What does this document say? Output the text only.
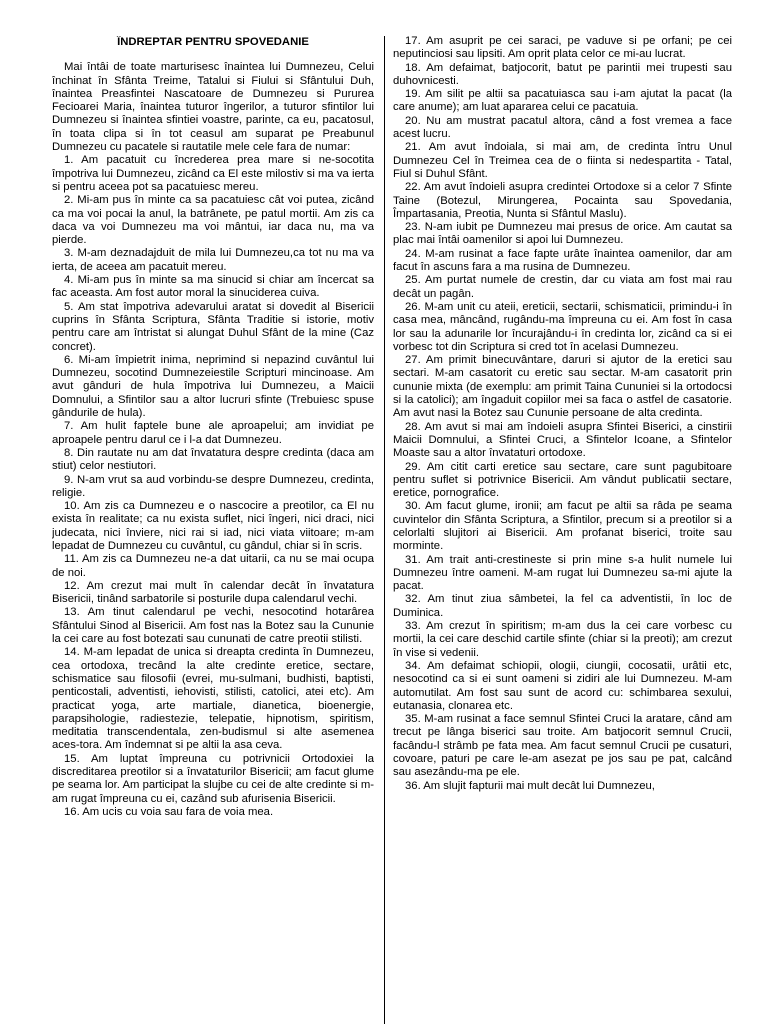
ÎNDREPTAR PENTRU SPOVEDANIE

Mai întâi de toate marturisesc înaintea lui Dumnezeu, Celui închinat în Sfânta Treime, Tatalui si Fiului si Sfântului Duh, înaintea Preasfintei Nascatoare de Dumnezeu si Pururea Fecioarei Maria, înaintea tuturor îngerilor, a tuturor sfintilor lui Dumnezeu si înaintea sfintiei voastre, parinte, ca eu, pacatosul, în toata clipa si în tot ceasul am suparat pe Preabunul Dumnezeu cu pacatele si rautatile mele cele fara de numar:

1. Am pacatuit cu încrederea prea mare si ne-socotita împotriva lui Dumnezeu, zicând ca El este milostiv si ma va ierta si pentru aceea pot sa pacatuiesc mereu.

2. Mi-am pus în minte ca sa pacatuiesc cât voi putea, zicând ca ma voi pocai la anul, la batrânete, pe patul mortii. Am zis ca daca va voi Dumnezeu ma voi mântui, iar daca nu, ma va pierde.

3. M-am deznadajduit de mila lui Dumnezeu,ca tot nu ma va ierta, de aceea am pacatuit mereu.

4. Mi-am pus în minte sa ma sinucid si chiar am încercat sa fac aceasta. Am fost autor moral la sinuciderea cuiva.

5. Am stat împotriva adevarului aratat si dovedit al Bisericii cuprins în Sfânta Scriptura, Sfânta Traditie si istorie, motiv pentru care am întristat si alungat Duhul Sfânt de la mine (Caz concret).

6. Mi-am împietrit inima, neprimind si nepazind cuvântul lui Dumnezeu, socotind Dumnezeiestile Scripturi mincinoase. Am avut gânduri de hula împotriva lui Dumnezeu, a Maicii Domnului, a Sfintilor sau a altor lucruri sfinte (Trebuiesc spuse gândurile de hula).

7. Am hulit faptele bune ale aproapelui; am invidiat pe aproapele pentru darul ce i l-a dat Dumnezeu.

8. Din rautate nu am dat învatatura despre credinta (daca am stiut) celor nestiutori.

9. N-am vrut sa aud vorbindu-se despre Dumnezeu, credinta, religie.

10. Am zis ca Dumnezeu e o nascocire a preotilor, ca El nu exista în realitate; ca nu exista suflet, nici îngeri, nici draci, nici judecata, nici înviere, nici rai si iad, nici viata viitoare; m-am lepadat de Dumnezeu cu cuvântul, cu gândul, chiar si în scris.

11. Am zis ca Dumnezeu ne-a dat uitarii, ca nu se mai ocupa de noi.

12. Am crezut mai mult în calendar decât în învatatura Bisericii, tinând sarbatorile si posturile dupa calendarul vechi.

13. Am tinut calendarul pe vechi, nesocotind hotarârea Sfântului Sinod al Bisericii. Am fost nas la Botez sau la Cununie la cei care au fost botezati sau cununati de catre preotii stilisti.

14. M-am lepadat de unica si dreapta credinta în Dumnezeu, cea ortodoxa, trecând la alte credinte eretice, sectare, schismatice sau filosofii (evrei, mu-sulmani, budhisti, baptisti, penticostali, adventisti, iehovisti, stilisti, catolici, atei etc). Am practicat yoga, arte martiale, dianetica, bioenergie, parapsihologie, radiestezie, telepatie, hipnotism, spiritism, meditatia transcendentala, zen-budismul si alte asemenea aces-tora. Am îndemnat si pe altii la asa ceva.

15. Am luptat împreuna cu potrivnicii Ortodoxiei la discreditarea preotilor si a învataturilor Bisericii; am facut glume pe seama lor. Am participat la slujbe cu cei de alte credinte si m-am rugat împreuna cu ei, cazând sub afurisenia Bisericii.

16. Am ucis cu voia sau fara de voia mea.

17. Am asuprit pe cei saraci, pe vaduve si pe orfani; pe cei neputinciosi sau lipsiti. Am oprit plata celor ce mi-au lucrat.

18. Am defaimat, batjocorit, batut pe parintii mei trupesti sau duhovnicesti.

19. Am silit pe altii sa pacatuiasca sau i-am ajutat la pacat (la care anume); am luat apararea celui ce pacatuia.

20. Nu am mustrat pacatul altora, când a fost vremea a face acest lucru.

21. Am avut îndoiala, si mai am, de credinta întru Unul Dumnezeu Cel în Treimea cea de o fiinta si nedespartita - Tatal, Fiul si Duhul Sfânt.

22. Am avut îndoieli asupra credintei Ortodoxe si a celor 7 Sfinte Taine (Botezul, Mirungerea, Pocainta sau Spovedania, Împartasania, Preotia, Nunta si Sfântul Maslu).

23. N-am iubit pe Dumnezeu mai presus de orice. Am cautat sa plac mai întâi oamenilor si apoi lui Dumnezeu.

24. M-am rusinat a face fapte urâte înaintea oamenilor, dar am facut în ascuns fara a ma rusina de Dumnezeu.

25. Am purtat numele de crestin, dar cu viata am fost mai rau decât un pagân.

26. M-am unit cu ateii, ereticii, sectarii, schismaticii, primindu-i în casa mea, mâncând, rugându-ma împreuna cu ei. Am fost în casa lor sau la adunarile lor încurajându-i în credinta lor, zicând ca si ei vorbesc tot din Scriptura si cred tot în acelasi Dumnezeu.

27. Am primit binecuvântare, daruri si ajutor de la eretici sau sectari. M-am casatorit cu eretic sau sectar. M-am casatorit prin cununie mixta (de exemplu: am primit Taina Cununiei si la ortodocsi si la catolici); am îngaduit copiilor mei sa faca o astfel de casatorie. Am avut nasi la Botez sau Cununie persoane de alta credinta.

28. Am avut si mai am îndoieli asupra Sfintei Biserici, a cinstirii Maicii Domnului, a Sfintei Cruci, a Sfintelor Icoane, a Sfintelor Moaste sau a altor învataturi ortodoxe.

29. Am citit carti eretice sau sectare, care sunt pagubitoare pentru suflet si potrivnice Bisericii. Am vândut publicatii sectare, eretice, pornografice.

30. Am facut glume, ironii; am facut pe altii sa râda pe seama cuvintelor din Sfânta Scriptura, a Sfintilor, precum si a preotilor si a celorlalti slujitori ai Bisericii. Am profanat biserici, troite sau morminte.

31. Am trait anti-crestineste si prin mine s-a hulit numele lui Dumnezeu între oameni. M-am rugat lui Dumnezeu sa-mi ajute la pacat.

32. Am tinut ziua sâmbetei, la fel ca adventistii, în loc de Duminica.

33. Am crezut în spiritism; m-am dus la cei care vorbesc cu mortii, la cei care deschid cartile sfinte (chiar si la preoti); am crezut în vise si vedenii.

34. Am defaimat schiopii, ologii, ciungii, cocosatii, urâtii etc, nesocotind ca si ei sunt oameni si zidiri ale lui Dumnezeu. M-am automutilat. Am fost sau sunt de acord cu: schimbarea sexului, eutanasia, clonarea etc.

35. M-am rusinat a face semnul Sfintei Cruci la aratare, când am trecut pe lânga biserici sau troite. Am batjocorit semnul Crucii, facându-l strâmb pe fata mea. Am facut semnul Crucii pe cusaturi, covoare, paturi pe care le-am asezat pe jos sau pe pat, calcând sau asezându-ma pe ele.

36. Am slujit fapturii mai mult decât lui Dumnezeu,
